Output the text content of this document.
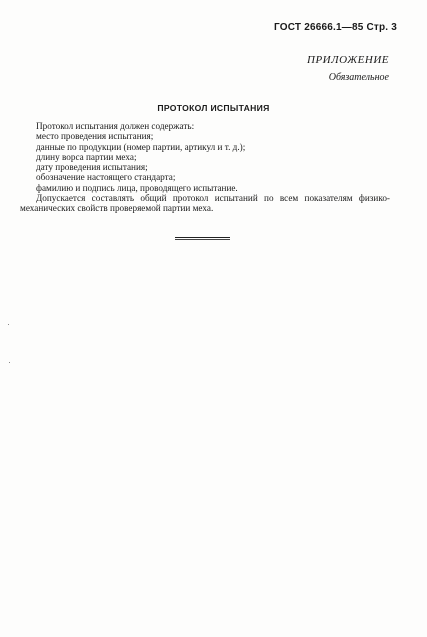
ГОСТ 26666.1—85 Стр. 3
ПРИЛОЖЕНИЕ
Обязательное
ПРОТОКОЛ ИСПЫТАНИЯ

Протокол испытания должен содержать:

место проведения испытания;

данные по продукции (номер партии, артикул и т. д.);

длину ворса партии меха;

дату проведения испытания;

обозначение настоящего стандарта;

фамилию и подпись лица, проводящего испытание.

Допускается составлять общий протокол испытаний по всем показателям физико-механических свойств проверяемой партии меха.
